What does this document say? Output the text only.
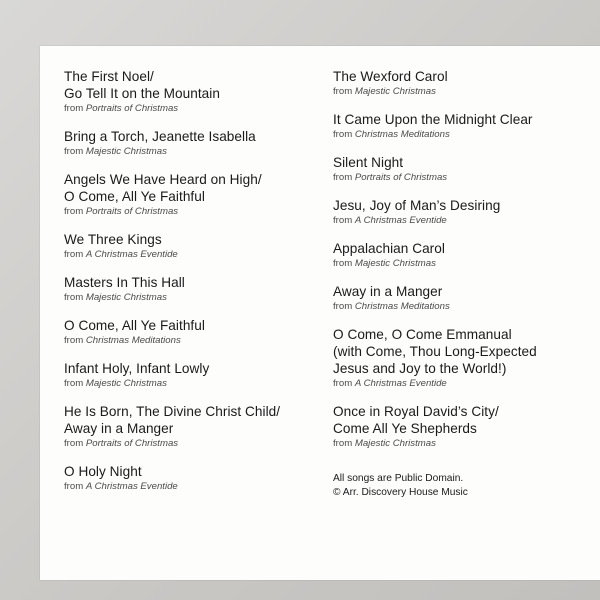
The First Noel/
Go Tell It on the Mountain
from Portraits of Christmas
Bring a Torch, Jeanette Isabella
from Majestic Christmas
Angels We Have Heard on High/
O Come, All Ye Faithful
from Portraits of Christmas
We Three Kings
from A Christmas Eventide
Masters In This Hall
from Majestic Christmas
O Come, All Ye Faithful
from Christmas Meditations
Infant Holy, Infant Lowly
from Majestic Christmas
He Is Born, The Divine Christ Child/
Away in a Manger
from Portraits of Christmas
O Holy Night
from A Christmas Eventide
The Wexford Carol
from Majestic Christmas
It Came Upon the Midnight Clear
from Christmas Meditations
Silent Night
from Portraits of Christmas
Jesu, Joy of Man’s Desiring
from A Christmas Eventide
Appalachian Carol
from Majestic Christmas
Away in a Manger
from Christmas Meditations
O Come, O Come Emmanual
(with Come, Thou Long-Expected
Jesus and Joy to the World!)
from A Christmas Eventide
Once in Royal David’s City/
Come All Ye Shepherds
from Majestic Christmas
All songs are Public Domain.
© Arr. Discovery House Music
